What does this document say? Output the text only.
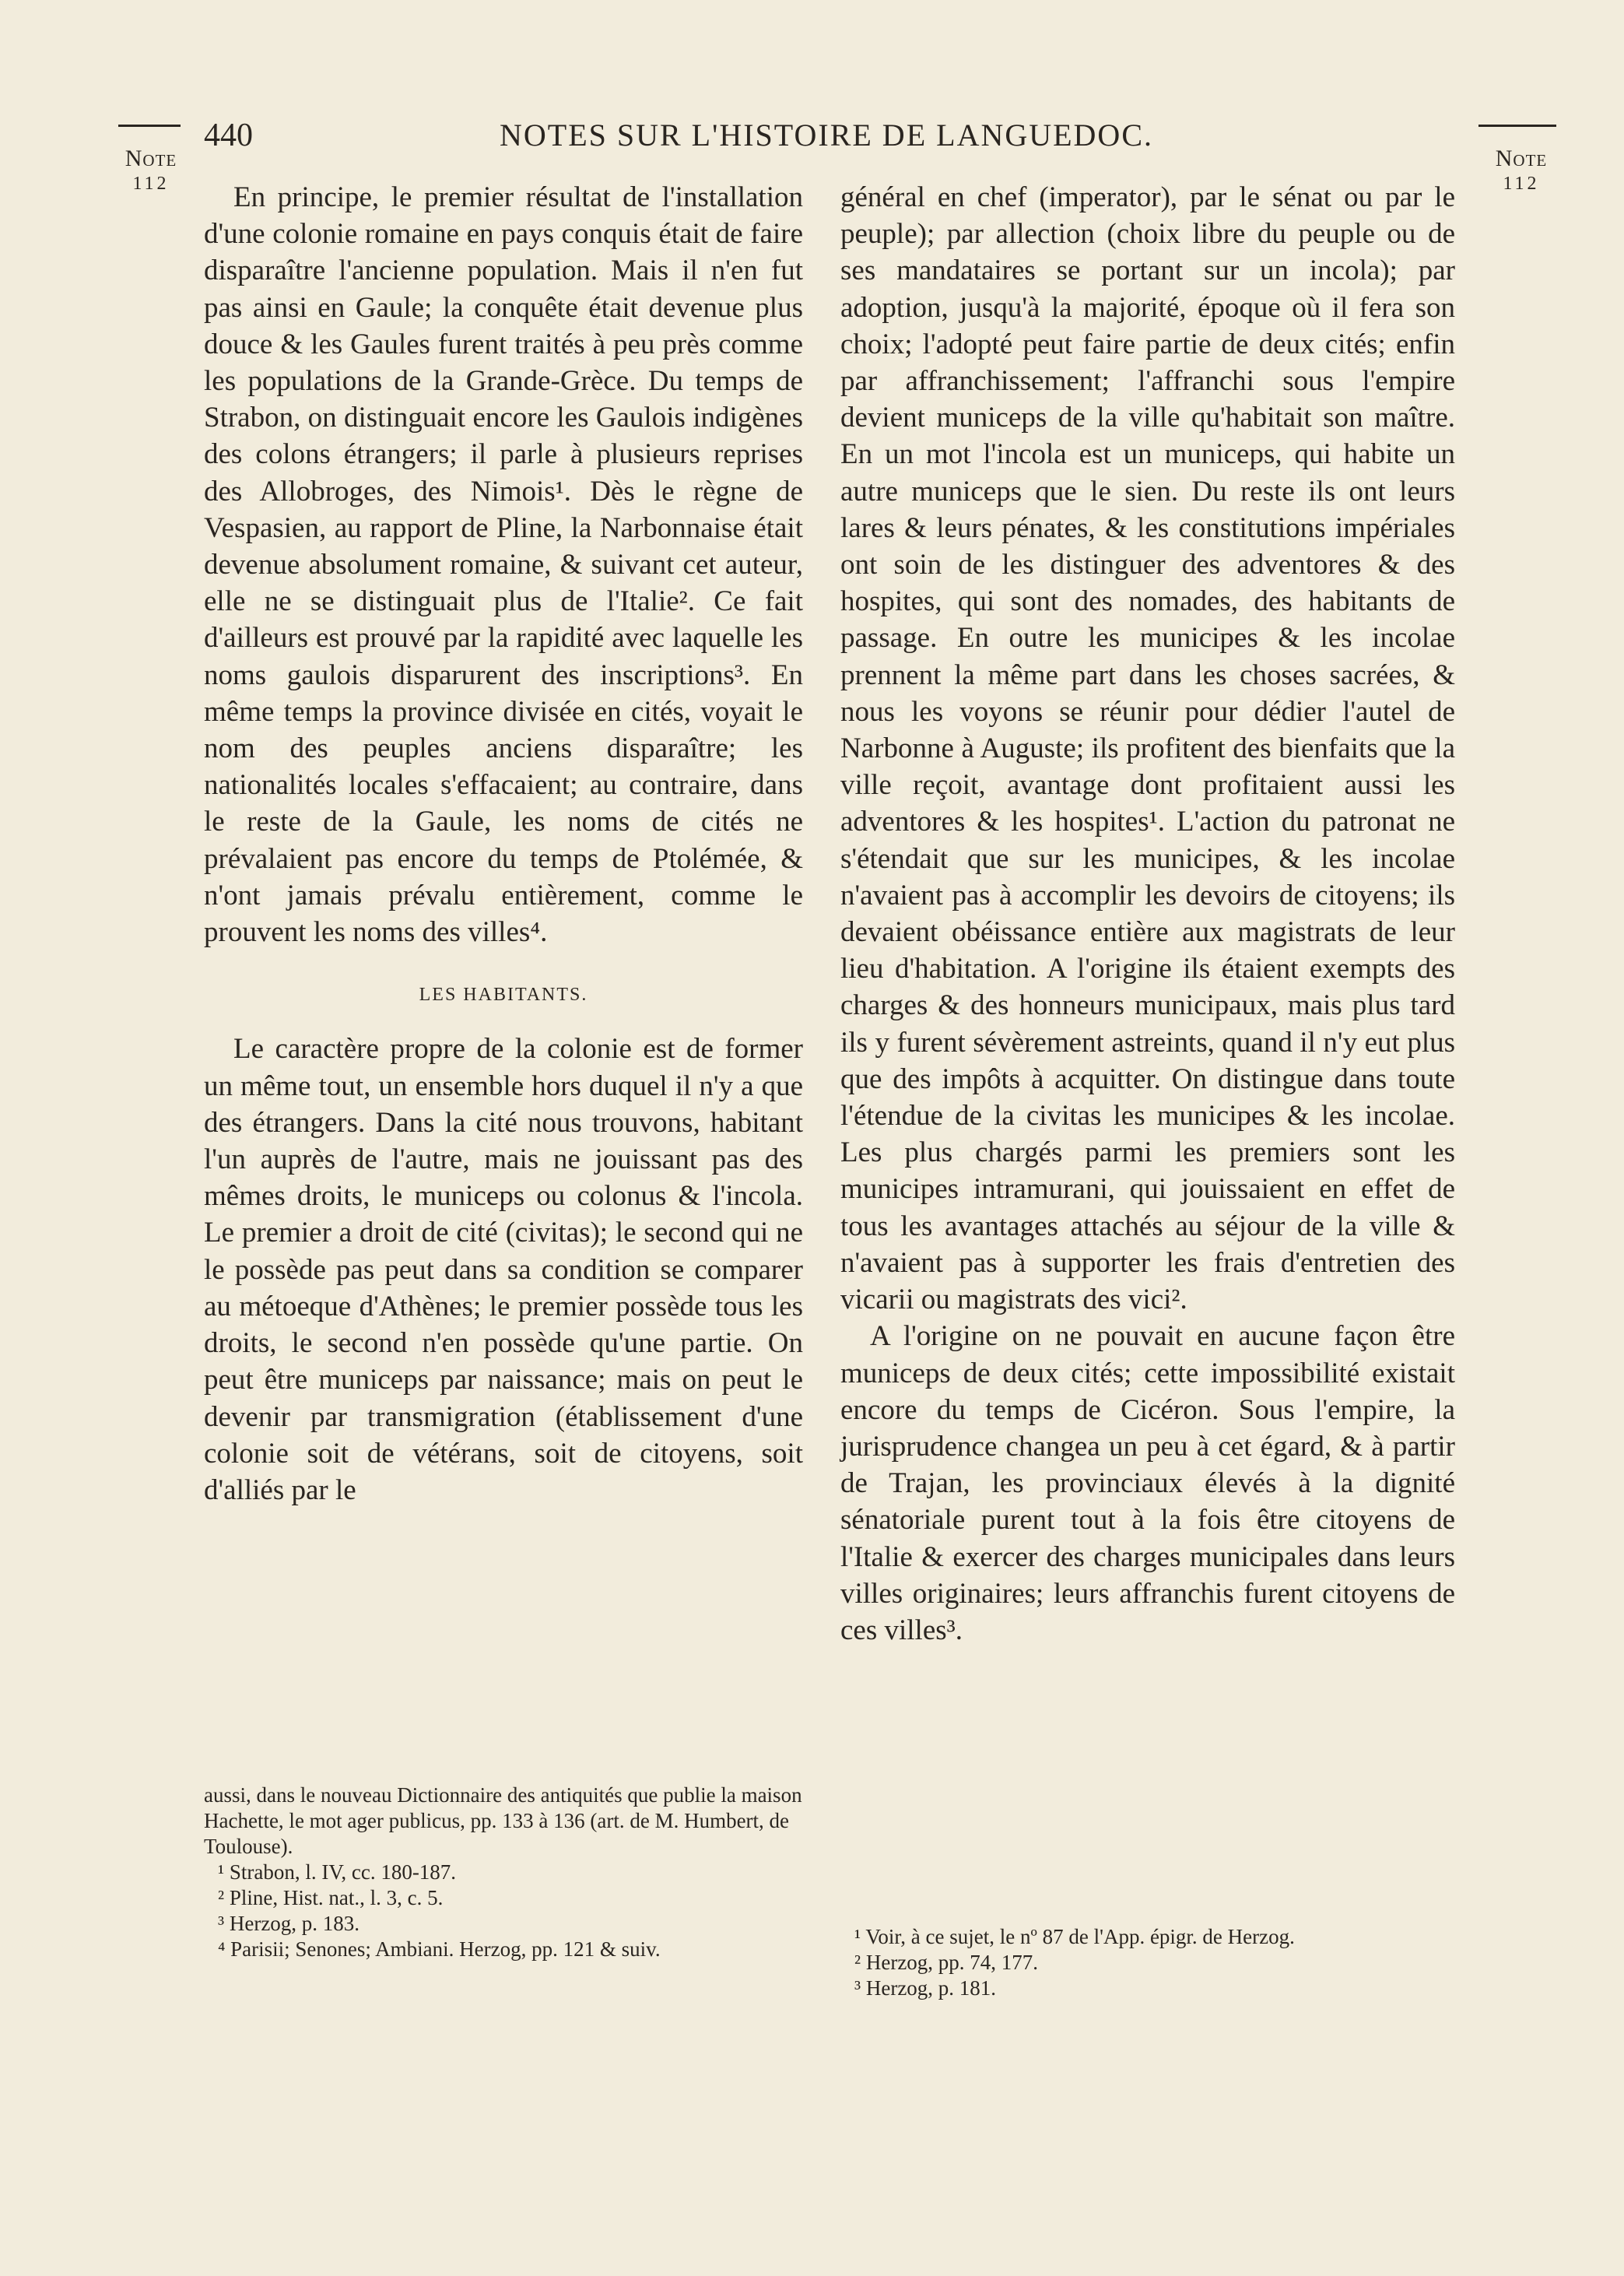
Note
112
Note
112
NOTES SUR L'HISTOIRE DE LANGUEDOC.
440

En principe, le premier résultat de l'installation d'une colonie romaine en pays conquis était de faire disparaître l'ancienne population. Mais il n'en fut pas ainsi en Gaule; la conquête était devenue plus douce & les Gaules furent traités à peu près comme les populations de la Grande-Grèce. Du temps de Strabon, on distinguait encore les Gaulois indigènes des colons étrangers; il parle à plusieurs reprises des Allobroges, des Nimois¹. Dès le règne de Vespasien, au rapport de Pline, la Narbonnaise était devenue absolument romaine, & suivant cet auteur, elle ne se distinguait plus de l'Italie². Ce fait d'ailleurs est prouvé par la rapidité avec laquelle les noms gaulois disparurent des inscriptions³. En même temps la province divisée en cités, voyait le nom des peuples anciens disparaître; les nationalités locales s'effacaient; au contraire, dans le reste de la Gaule, les noms de cités ne prévalaient pas encore du temps de Ptolémée, & n'ont jamais prévalu entièrement, comme le prouvent les noms des villes⁴.

LES HABITANTS.

Le caractère propre de la colonie est de former un même tout, un ensemble hors duquel il n'y a que des étrangers. Dans la cité nous trouvons, habitant l'un auprès de l'autre, mais ne jouissant pas des mêmes droits, le municeps ou colonus & l'incola. Le premier a droit de cité (civitas); le second qui ne le possède pas peut dans sa condition se comparer au métoeque d'Athènes; le premier possède tous les droits, le second n'en possède qu'une partie. On peut être municeps par naissance; mais on peut le devenir par transmigration (établissement d'une colonie soit de vétérans, soit de citoyens, soit d'alliés par le

général en chef (imperator), par le sénat ou par le peuple); par allection (choix libre du peuple ou de ses mandataires se portant sur un incola); par adoption, jusqu'à la majorité, époque où il fera son choix; l'adopté peut faire partie de deux cités; enfin par affranchissement; l'affranchi sous l'empire devient municeps de la ville qu'habitait son maître. En un mot l'incola est un municeps, qui habite un autre municeps que le sien. Du reste ils ont leurs lares & leurs pénates, & les constitutions impériales ont soin de les distinguer des adventores & des hospites, qui sont des nomades, des habitants de passage. En outre les municipes & les incolae prennent la même part dans les choses sacrées, & nous les voyons se réunir pour dédier l'autel de Narbonne à Auguste; ils profitent des bienfaits que la ville reçoit, avantage dont profitaient aussi les adventores & les hospites¹. L'action du patronat ne s'étendait que sur les municipes, & les incolae n'avaient pas à accomplir les devoirs de citoyens; ils devaient obéissance entière aux magistrats de leur lieu d'habitation. A l'origine ils étaient exempts des charges & des honneurs municipaux, mais plus tard ils y furent sévèrement astreints, quand il n'y eut plus que des impôts à acquitter. On distingue dans toute l'étendue de la civitas les municipes & les incolae. Les plus chargés parmi les premiers sont les municipes intramurani, qui jouissaient en effet de tous les avantages attachés au séjour de la ville & n'avaient pas à supporter les frais d'entretien des vicarii ou magistrats des vici².

A l'origine on ne pouvait en aucune façon être municeps de deux cités; cette impossibilité existait encore du temps de Cicéron. Sous l'empire, la jurisprudence changea un peu à cet égard, & à partir de Trajan, les provinciaux élevés à la dignité sénatoriale purent tout à la fois être citoyens de l'Italie & exercer des charges municipales dans leurs villes originaires; leurs affranchis furent citoyens de ces villes³.

aussi, dans le nouveau Dictionnaire des antiquités que publie la maison Hachette, le mot ager publicus, pp. 133 à 136 (art. de M. Humbert, de Toulouse).

¹ Strabon, l. IV, cc. 180-187.

² Pline, Hist. nat., l. 3, c. 5.

³ Herzog, p. 183.

⁴ Parisii; Senones; Ambiani. Herzog, pp. 121 & suiv.

¹ Voir, à ce sujet, le nº 87 de l'App. épigr. de Herzog.

² Herzog, pp. 74, 177.

³ Herzog, p. 181.
